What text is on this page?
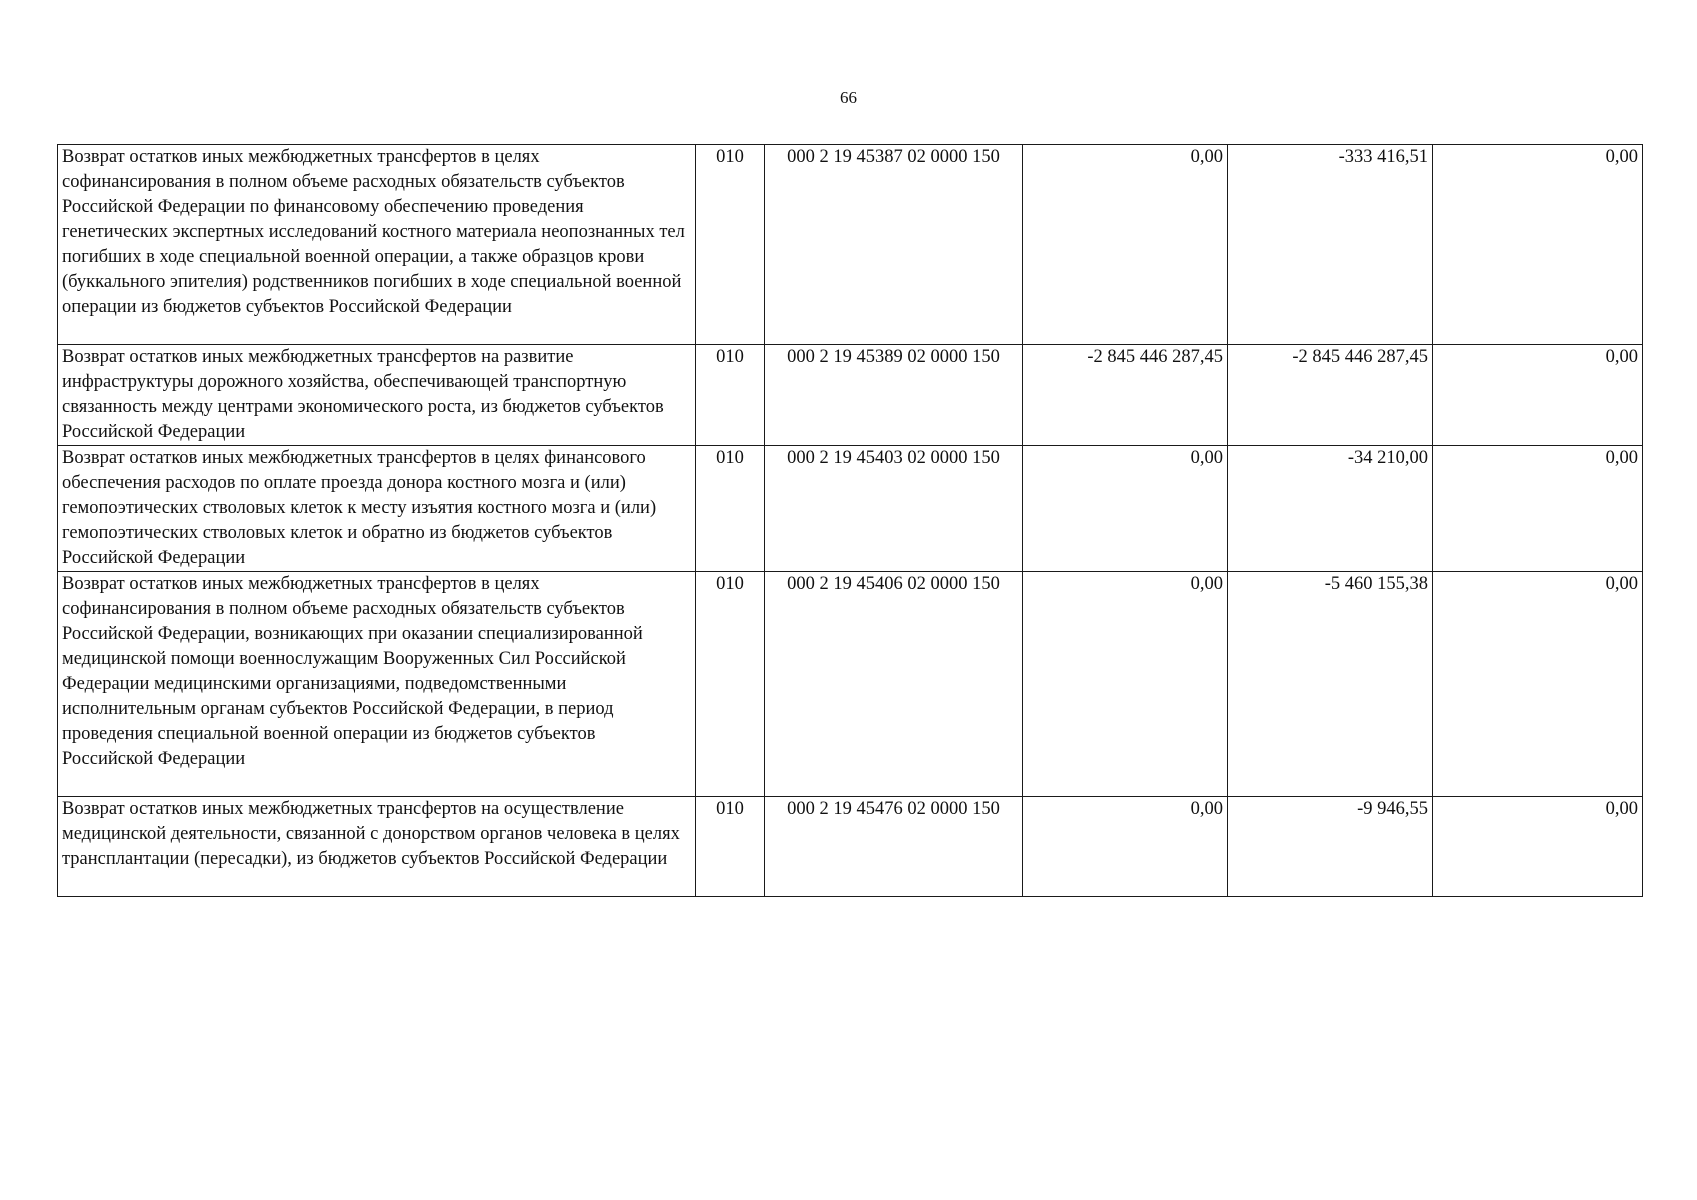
66
Возврат остатков иных межбюджетных трансфертов в целях софинансирования в полном объеме расходных обязательств субъектов Российской Федерации по финансовому обеспечению проведения генетических экспертных исследований костного материала неопознанных тел погибших в ходе специальной военной операции, а также образцов крови (буккального эпителия) родственников погибших в ходе специальной военной операции из бюджетов субъектов Российской Федерации	010	000 2 19 45387 02 0000 150	0,00	-333 416,51	0,00
Возврат остатков иных межбюджетных трансфертов на развитие инфраструктуры дорожного хозяйства, обеспечивающей транспортную связанность между центрами экономического роста, из бюджетов субъектов Российской Федерации	010	000 2 19 45389 02 0000 150	-2 845 446 287,45	-2 845 446 287,45	0,00
Возврат остатков иных межбюджетных трансфертов в целях финансового обеспечения расходов по оплате проезда донора костного мозга и (или) гемопоэтических стволовых клеток к месту изъятия костного мозга и (или) гемопоэтических стволовых клеток и обратно из бюджетов субъектов Российской Федерации	010	000 2 19 45403 02 0000 150	0,00	-34 210,00	0,00
Возврат остатков иных межбюджетных трансфертов в целях софинансирования в полном объеме расходных обязательств субъектов Российской Федерации, возникающих при оказании специализированной медицинской помощи военнослужащим Вооруженных Сил Российской Федерации медицинскими организациями, подведомственными исполнительным органам субъектов Российской Федерации, в период проведения специальной военной операции из бюджетов субъектов Российской Федерации	010	000 2 19 45406 02 0000 150	0,00	-5 460 155,38	0,00
Возврат остатков иных межбюджетных трансфертов на осуществление медицинской деятельности, связанной с донорством органов человека в целях трансплантации (пересадки), из бюджетов субъектов Российской Федерации	010	000 2 19 45476 02 0000 150	0,00	-9 946,55	0,00
